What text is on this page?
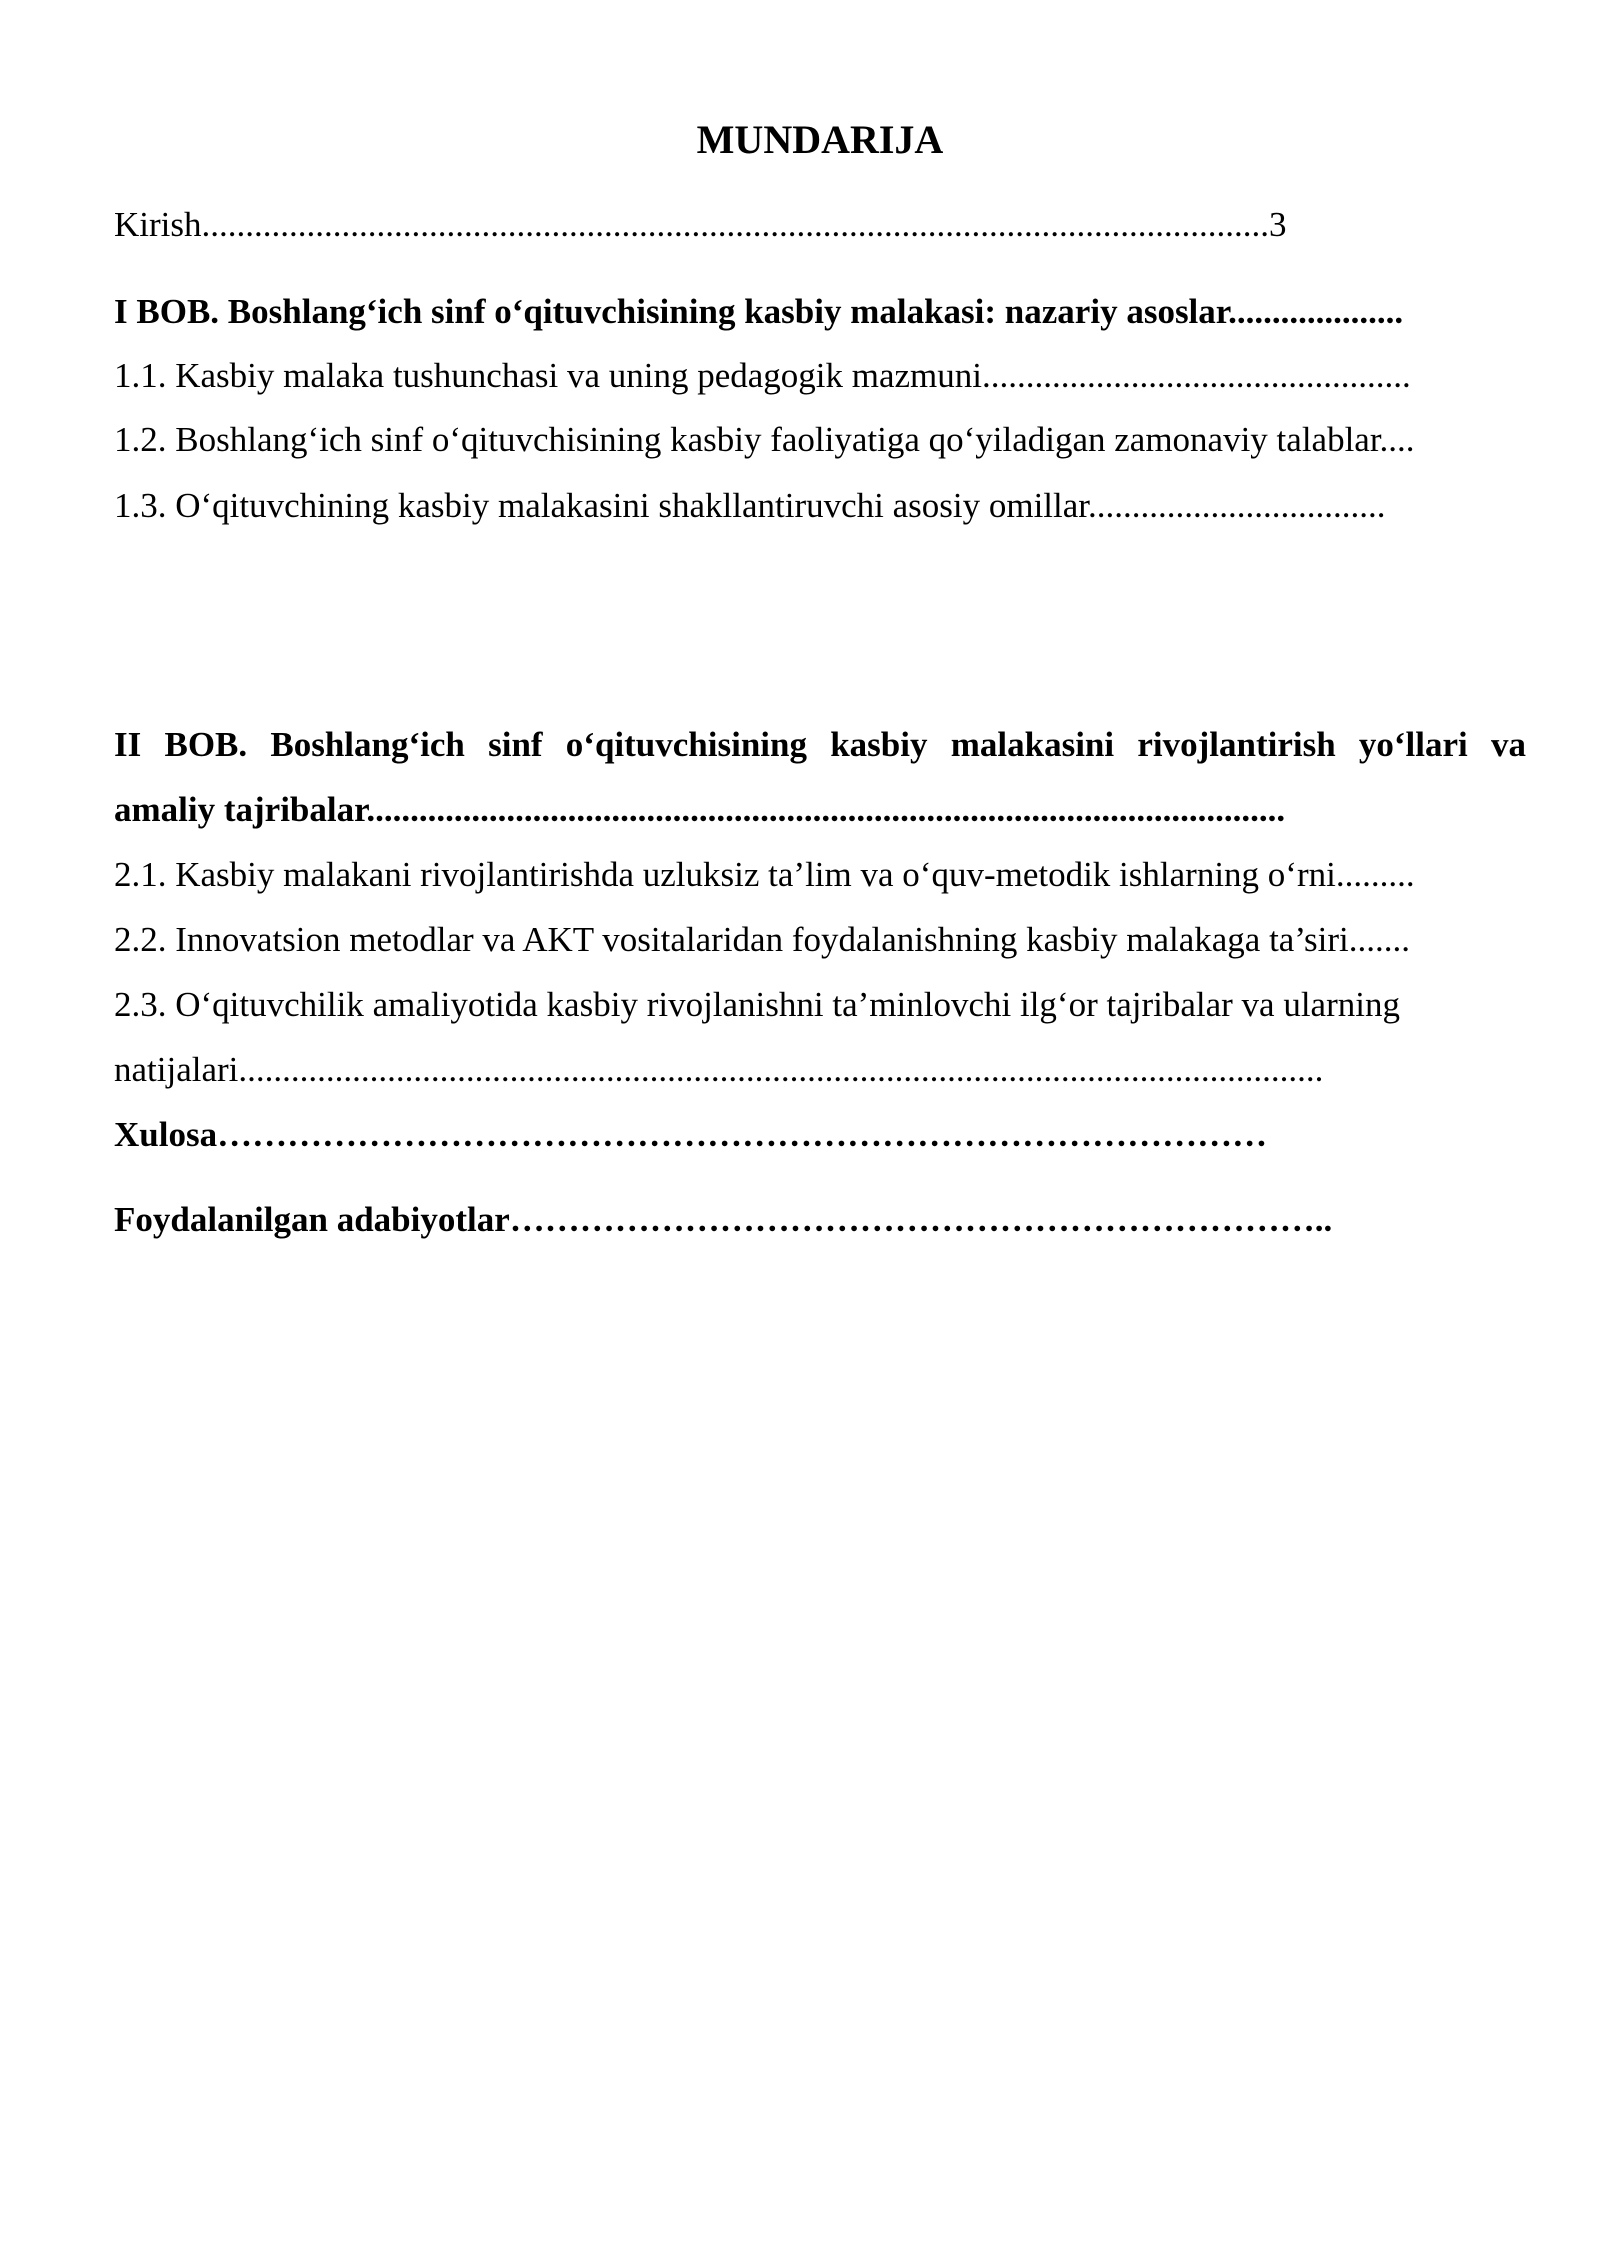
MUNDARIJA
Kirish..........................................................................................................................3
I BOB. Boshlang‘ich sinf o‘qituvchisining kasbiy malakasi: nazariy asoslar....................
1.1. Kasbiy malaka tushunchasi va uning pedagogik mazmuni.................................................
1.2. Boshlang‘ich sinf o‘qituvchisining kasbiy faoliyatiga qo‘yiladigan zamonaviy talablar....
1.3. O‘qituvchining kasbiy malakasini shakllantiruvchi asosiy omillar..................................
II BOB. Boshlang‘ich sinf o‘qituvchisining kasbiy malakasini rivojlantirish yo‘llari va
amaliy tajribalar.........................................................................................................
2.1. Kasbiy malakani rivojlantirishda uzluksiz ta’lim va o‘quv-metodik ishlarning o‘rni.........
2.2. Innovatsion metodlar va AKT vositalaridan foydalanishning kasbiy malakaga ta’siri.......
2.3. O‘qituvchilik amaliyotida kasbiy rivojlanishni ta’minlovchi ilg‘or tajribalar va ularning
natijalari............................................................................................................................
Xulosa………………………………………………………………………………
Foydalanilgan adabiyotlar……………………………………………………………..
